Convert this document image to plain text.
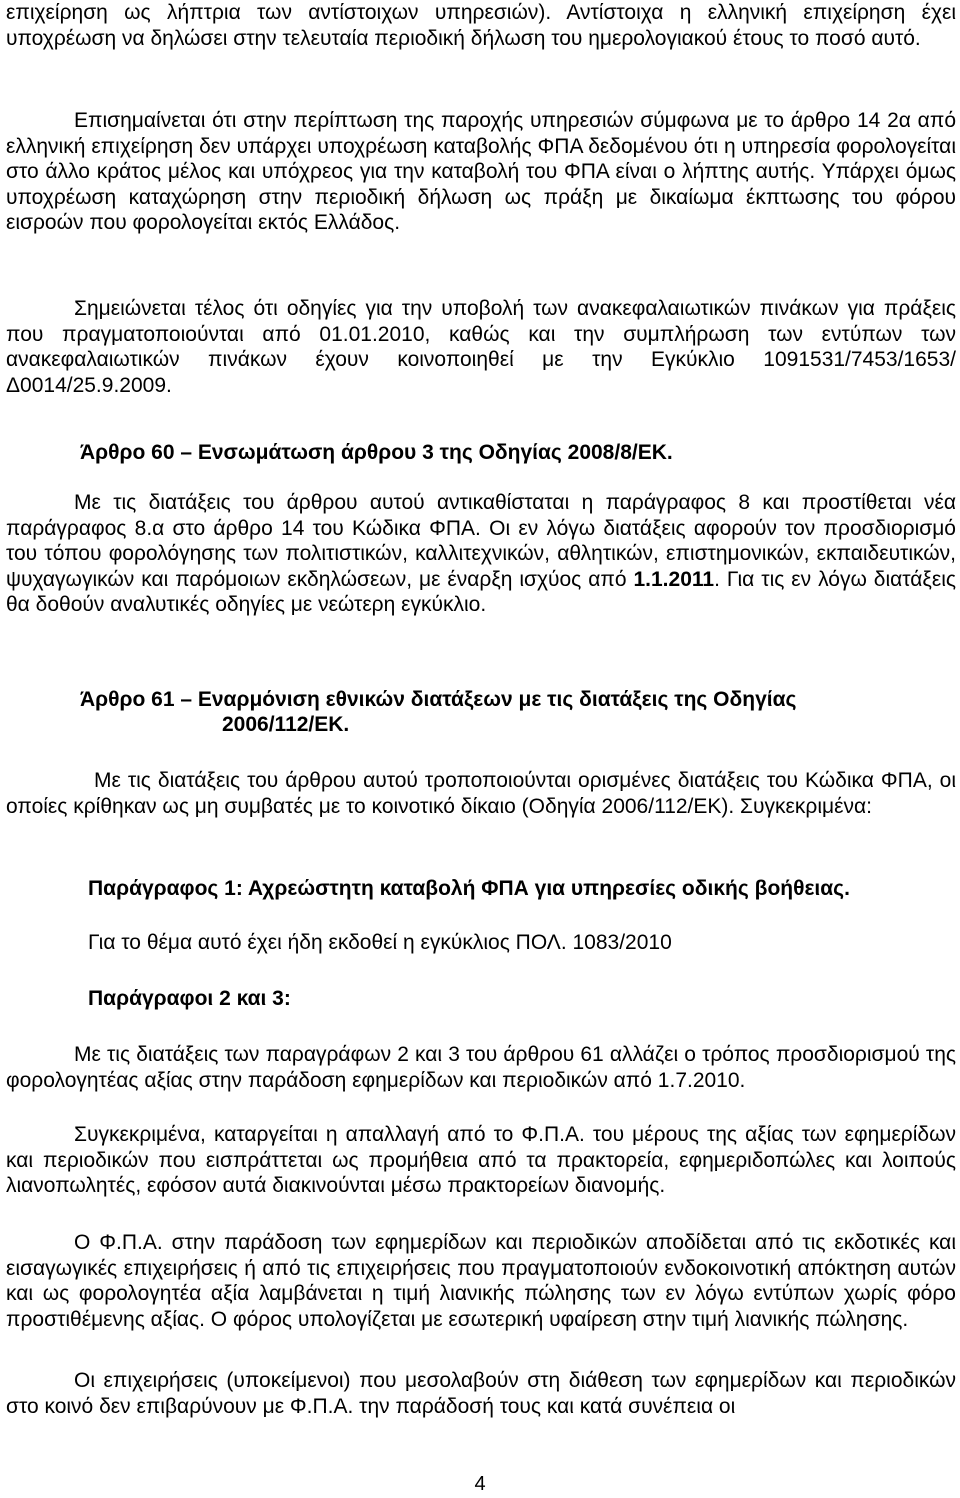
επιχείρηση ως λήπτρια των αντίστοιχων υπηρεσιών). Αντίστοιχα η ελληνική επιχείρηση έχει υποχρέωση να δηλώσει στην τελευταία περιοδική δήλωση του ημερολογιακού έτους το ποσό αυτό.

Επισημαίνεται ότι στην περίπτωση της παροχής υπηρεσιών σύμφωνα με το άρθρο 14 2α από ελληνική επιχείρηση δεν υπάρχει υποχρέωση καταβολής ΦΠΑ δεδομένου ότι η υπηρεσία φορολογείται στο άλλο κράτος μέλος και υπόχρεος για την καταβολή του ΦΠΑ είναι ο λήπτης αυτής. Υπάρχει όμως υποχρέωση καταχώρηση στην περιοδική δήλωση ως πράξη με δικαίωμα έκπτωσης του φόρου εισροών που φορολογείται εκτός Ελλάδος.

Σημειώνεται τέλος ότι οδηγίες για την υποβολή των ανακεφαλαιωτικών πινάκων για πράξεις που πραγματοποιούνται από 01.01.2010, καθώς και την συμπλήρωση των εντύπων των ανακεφαλαιωτικών πινάκων έχουν κοινοποιηθεί με την Εγκύκλιο 1091531/7453/1653/Δ0014/25.9.2009.

Άρθρο 60 – Ενσωμάτωση άρθρου 3 της Οδηγίας 2008/8/ΕΚ.

Με τις διατάξεις του άρθρου αυτού αντικαθίσταται η παράγραφος 8 και προστίθεται νέα παράγραφος 8.α στο άρθρο 14 του Κώδικα ΦΠΑ. Οι εν λόγω διατάξεις αφορούν τον προσδιορισμό του τόπου φορολόγησης των πολιτιστικών, καλλιτεχνικών, αθλητικών, επιστημονικών, εκπαιδευτικών, ψυχαγωγικών και παρόμοιων εκδηλώσεων, με έναρξη ισχύος από 1.1.2011. Για τις εν λόγω διατάξεις θα δοθούν αναλυτικές οδηγίες με νεώτερη εγκύκλιο.

Άρθρο 61 – Εναρμόνιση εθνικών διατάξεων με τις διατάξεις της Οδηγίας

2006/112/ΕΚ.

Με τις διατάξεις του άρθρου αυτού τροποποιούνται ορισμένες διατάξεις του Κώδικα ΦΠΑ, οι οποίες κρίθηκαν ως μη συμβατές με το κοινοτικό δίκαιο (Οδηγία 2006/112/ΕΚ). Συγκεκριμένα:

Παράγραφος 1: Αχρεώστητη καταβολή ΦΠΑ για υπηρεσίες οδικής βοήθειας.

Για το θέμα αυτό έχει ήδη εκδοθεί η εγκύκλιος ΠΟΛ. 1083/2010

Παράγραφοι 2 και 3:

Με τις διατάξεις των παραγράφων 2 και 3 του άρθρου 61 αλλάζει ο τρόπος προσδιορισμού της φορολογητέας αξίας στην παράδοση εφημερίδων και περιοδικών από 1.7.2010.

Συγκεκριμένα, καταργείται η απαλλαγή από το Φ.Π.Α. του μέρους της αξίας των εφημερίδων και περιοδικών που εισπράττεται ως προμήθεια από τα πρακτορεία, εφημεριδοπώλες και λοιπούς λιανοπωλητές, εφόσον αυτά διακινούνται μέσω πρακτορείων διανομής.

Ο Φ.Π.Α. στην παράδοση των εφημερίδων και περιοδικών αποδίδεται από τις εκδοτικές και εισαγωγικές επιχειρήσεις ή από τις επιχειρήσεις που πραγματοποιούν ενδοκοινοτική απόκτηση αυτών και ως φορολογητέα αξία λαμβάνεται η τιμή λιανικής πώλησης των εν λόγω εντύπων χωρίς φόρο προστιθέμενης αξίας. Ο φόρος υπολογίζεται με εσωτερική υφαίρεση στην τιμή λιανικής πώλησης.

Οι επιχειρήσεις (υποκείμενοι) που μεσολαβούν στη διάθεση των εφημερίδων και περιοδικών στο κοινό δεν επιβαρύνουν με Φ.Π.Α. την παράδοσή τους και κατά συνέπεια οι

4
